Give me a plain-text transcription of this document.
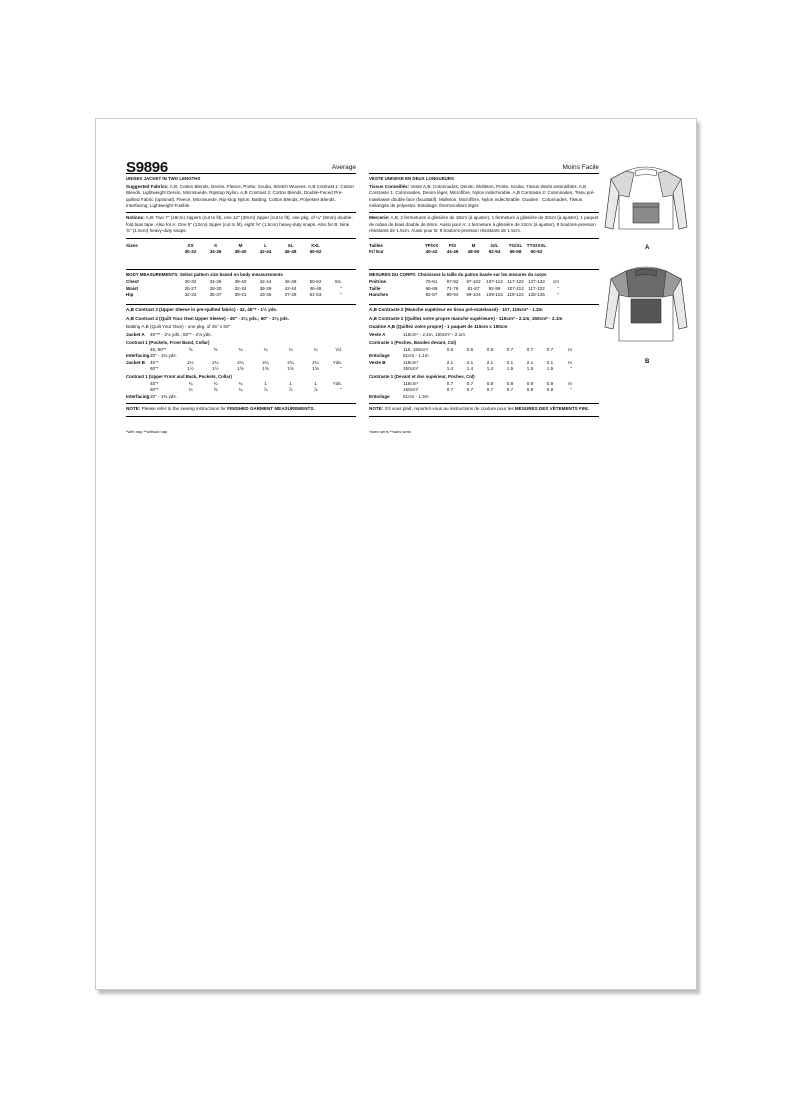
S9896	Average
UNISEX JACKET IN TWO LENGTHS

Suggested Fabrics: A,B: Cotton Blends, Denim, Fleece, Ponte, Scuba, Stretch Wovens. A,B Contrast 1: Cotton Blends, Lightweight Denim, Microsuede, Ripstop Nylon. A,B Contrast 2: Cotton Blends, Double-Faced Pre-quilted Fabric (optional), Fleece, Microsuede, Rip-stop Nylon. Batting: Cotton Blends, Polyester Blends. Interfacing: Lightweight Fusible.

Notions: A,B: Two 7" (18cm) zippers (cut to fit), one 12" (30cm) zipper (cut to fit), one pkg. of ¼" (6mm) double-fold bias tape. Also for A: One 5" (13cm) zipper (cut to fit), eight ⅝" (1.5cm) heavy-duty snaps. Also for B: Nine ⅝" (1.5cm) heavy-duty snaps.

Sizes	XS	S	M	L	XL	XXL
30-32	34-36	38-40	42-44	46-48	50-52
BODY MEASUREMENTS: Select pattern size based on body measurements
Chest	30-32	34-36	38-40	42-44	46-48	50-52	Ins.
Waist	26-27	28-30	32-34	36-39	42-44	46-48	"
Hip	32-34	35-37	39-41	43-45	47-49	51-53	"

A,B Contrast 2 (Upper Sleeve in pre-quilted fabric) - 42, 45"* - 1½ yds.

A,B Contrast 2 (Quilt Your Own Upper Sleeve) - 45" - 2⅛ yds.; 60" - 2⅛ yds.

Batting A,B (Quilt Your Own) - one pkg. of 45" x 60"

Jacket A	45"** - 2⅛ yds.; 60"* - 2⅛ yds.
Contrast 1 (Pockets, Front Band, Collar)
45, 60"*	⅝	⅝	¾	¾	¾	¾	Yd.
Interfacing 20" - 1⅜ yds.
Jacket B	45"*	2¼	2¼	2¼	2¼	2¼	2¼	Yds.
60"*	1½	1½	1⅝	1⅝	1⅝	1⅝	"
Contrast 1 (Upper Front and Back, Pockets, Collar)
45"*	¾	¾	¾	1	1	1	Yds.
60"*	¾	⅝	¾	⅞	⅞	⅞	"
Interfacing 20" - 1⅜ yds.

NOTE: Please refer to the sewing instructions for FINISHED GARMENT MEASUREMENTS.

*with nap **without nap
Moins Facile
VESTE UNISEXE EN DEUX LONGUEURS

Tissus Conseillés: Veste A,B: Cotonnades, Denim, Molleton, Ponte, Scuba, Tissus tissés extensibles. A,B Contraste 1: Cotonnades, Denim léger, Microfibre, Nylon indéchirable. A,B Contraste 2: Cotonnades, Tissu pré-matelassé double face (facultatif), Molleton, Microfibre, Nylon indéchirable. Ouatine : Cotonnades, Tissus mélangés de polyester. Entoilage: thermocollant léger.

Mercerie: A,B: 2 fermetures à glissière de 18cm (à ajuster), 1 fermeture à glissière de 30cm (à ajuster), 1 paquet de ruban de biais double de 6mm. Aussi pour A: 1 fermeture à glissière de 13cm (à ajuster), 8 boutons-pression résistants de 1.5cm. Aussi pour B: 9 boutons-pression résistants de 1.5cm.

Tailles	TP/XS	P/S	M	G/L	TG/XL TTG/XXL
Fr/ Eur	40-42	44-46	48-50	52-54	56-58	60-62
MESURES DU CORPS: Choisissez la taille du patron basée sur les mesures du corps
Poitrine	76-81	87-92	97-102	107-112 117-122 127-132	cm
Taille	66-69	71-76	81-87	92-99	107-112 117-122	"
Hanches	82-87	89-94	99-104	109-115 119-124 128-135	"

A,B Contraste 2 (Manche supérieur en tissu pré-matelassé) - 107, 115cm* - 1.3m

A,B Contraste 2 (Quiltez votre propre manche supérieure) - 115cm* - 2.1m, 150cm* - 2.1m

Ouatine A,B (Quiltez votre propre) - 1 paquet de 115cm x 150cm

Veste A	115cm* - 2.4m, 150cm* - 2.1m
Contraste 1 (Poches, Bandes devant, Col)
115, 150cm*	0.6	0.6	0.6	0.7	0.7	0.7	m
Entoilage	51cm - 1.1m
Veste B	115cm*	2.1	2.1	2.1	2.1	2.1	2.1	m
150cm*	1.4	1.4	1.4	1.5	1.5	1.5	"
Contraste 1 (Devant et dos supérieur, Poches, Col)
115cm*	0.7	0.7	0.8	0.8	0.9	0.9	m
150cm*	0.7	0.7	0.7	0.7	0.8	0.8	"
Entoilage	51cm - 1.3m

NOTE: S'il vous plaît, reportez-vous au instructions de couture pour les MESURES DES VÊTEMENTS FINI.

*avec sens **sans sens
A
B
